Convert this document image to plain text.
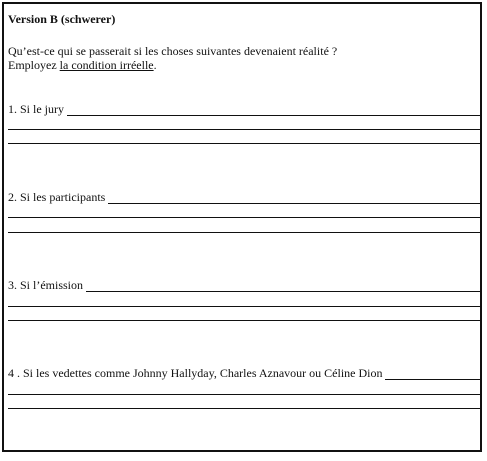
Version B (schwerer)
Qu’est-ce qui se passerait si les choses suivantes devenaient réalité ?
Employez la condition irréelle.
1. Si le jury
2. Si les participants
3. Si l’émission
4 . Si les vedettes comme Johnny Hallyday, Charles Aznavour ou Céline Dion
